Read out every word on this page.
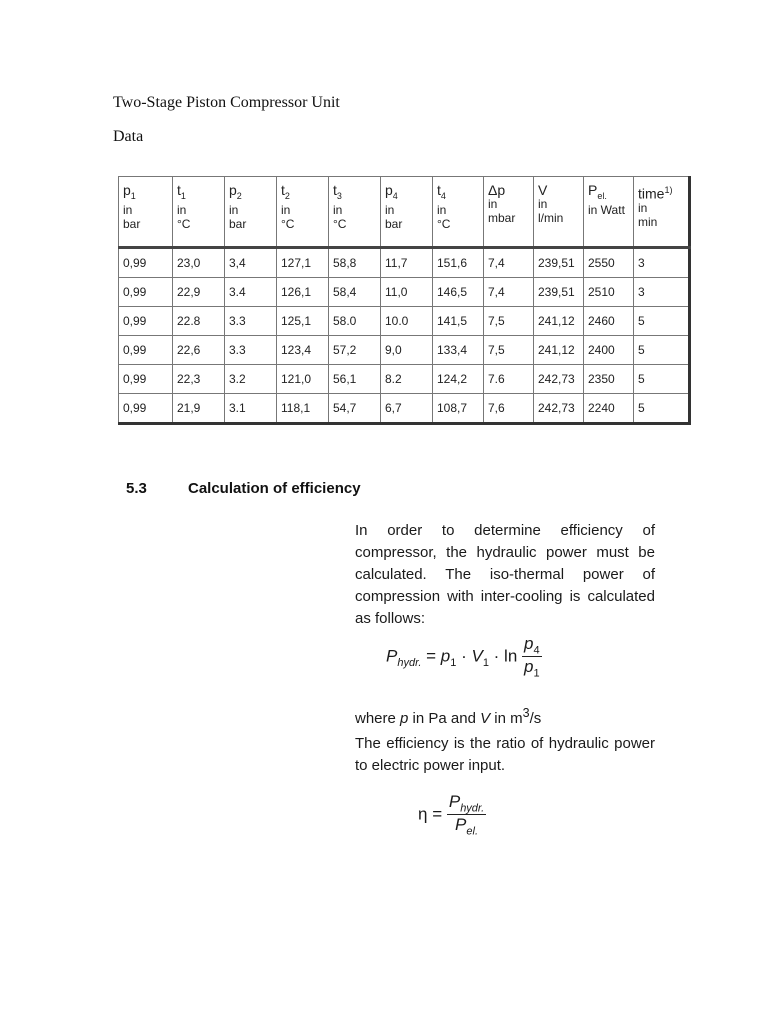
Two-Stage Piston Compressor Unit
Data
$p_1$
in
bar	$t_1$
in
°C	$p_2$
in
bar	$t_2$
in
°C	$t_3$
in
°C	$p_4$
in
bar	$t_4$
in
°C	Δp
in
mbar	V
in
l/min	$P_{el.}$
in Watt	time$^{1)}$
in
min

0,99	23,0	3,4	127,1	58,8	11,7	151,6	7,4	239,51	2550	3
0,99	22,9	3.4	126,1	58,4	11,0	146,5	7,4	239,51	2510	3
0,99	22.8	3.3	125,1	58.0	10.0	141,5	7,5	241,12	2460	5
0,99	22,6	3.3	123,4	57,2	9,0	133,4	7,5	241,12	2400	5
0,99	22,3	3.2	121,0	56,1	8.2	124,2	7.6	242,73	2350	5
0,99	21,9	3.1	118,1	54,7	6,7	108,7	7,6	242,73	2240	5
5.3	Calculation of efficiency
In order to determine efficiency of compressor, the hydraulic power must be calculated. The iso-thermal power of compression with inter-cooling is calculated as follows:
$P_{hydr.} = p_1 \cdot V_1 \cdot \ln \frac{p_4}{p_1}$
where p in Pa and V in $m^3/s$
The efficiency is the ratio of hydraulic power to electric power input.
$\eta = \frac{P_{hydr.}}{P_{el.}}$
